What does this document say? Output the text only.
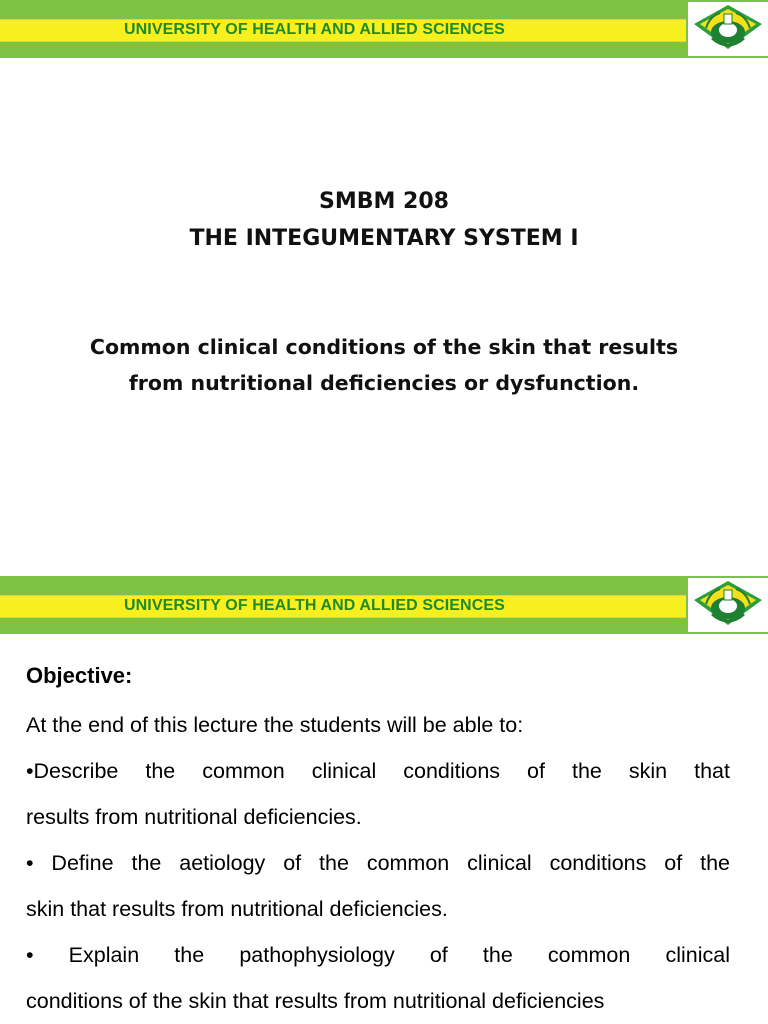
UNIVERSITY OF HEALTH AND ALLIED SCIENCES
SMBM 208
THE INTEGUMENTARY SYSTEM I
Common clinical conditions of the skin that results
from nutritional deficiencies or dysfunction.
UNIVERSITY OF HEALTH AND ALLIED SCIENCES
Objective:
At the end of this lecture the students will be able to:
•Describe the common clinical conditions of the skin that
results from nutritional deficiencies.
• Define the aetiology of the common clinical conditions of the
skin that results from nutritional deficiencies.
• Explain the pathophysiology of the common clinical
conditions of the skin that results from nutritional deficiencies
